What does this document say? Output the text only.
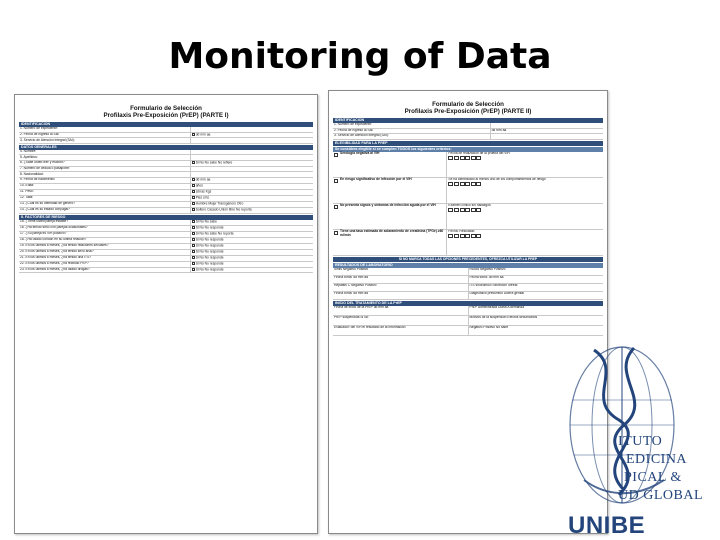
Monitoring of Data
Formulario de Selección
Profilaxis Pre-Exposición (PrEP) (PARTE I)
IDENTIFICACION
1. Número de expediente:
2. Fecha de ingreso al Sai:	dd mm aa
3. Servicio de Atención Integral (SAI):
DATOS GENERALES
4. Nombre:
5. Apellidos:
6. ¿Sabe usted leer y escribir?	Si No No sabe No refiere
7. Número de cédula o pasaporte:
8. Nacionalidad:
9. Fecha de nacimiento:	dd mm aa
10. Edad:	años
11. Peso:	Libras Kgs
12. Talla:	Pies cms
13. ¿Cuál es su identidad de género?	Hombre Mujer Transgénero Otro
14. ¿Cuál es su estado conyugal?	Soltero Casado Unión libre No reporta
II. FACTORES DE RIESGO
15. ¿Tiene usted pareja estable?	Si No No sabe
16. ¿Ha tenido sexo con parejas ocasionales?	Si No No responde
17. ¿Su pareja es VIH positivo?	Si No No sabe No reporta
18. ¿Ha usado condón en su última relación?	Si No No responde
19. En los últimos 6 meses, ¿ha tenido relaciones sexuales?	Si No No responde
20. En los últimos 6 meses, ¿ha tenido sexo anal?	Si No No responde
21. En los últimos 6 meses, ¿ha tenido una ITS?	Si No No responde
22. En los últimos 6 meses, ¿ha recibido PEP?	Si No No responde
23. En los últimos 6 meses, ¿ha usado drogas?	Si No No responde
Formulario de Selección
Profilaxis Pre-Exposición (PrEP) (PARTE II)
IDENTIFICACION
1. Número de expediente:
2. Fecha de ingreso al Sai:	dd mm aa
3. Servicio de Atención Integral (SAI):
ELEGIBILIDAD PARA LA PREP
Se considera elegible si se cumplen TODOS los siguientes criterios:
Serologia negativa al VIH	Fecha de realización de la prueba del VIH
En riesgo significativo de infección por el VIH	Se ha identificado al menos uno de los comportamientos de riesgo
No presenta signos y síntomas de infección aguda por el VIH	Examen clínico sin hallazgos
Tiene una tasa estimada de aclaramiento de creatinina (TFGe) ≥60 ml/min
Fecha: Resultado:
SI NO MARCA TODAS LAS OPCIONES PRECEDENTES, OFREZCA UTILIZAR LA PREP
RESULTADOS DE LABORATORIO
Sífilis Negativo Positivo	RDIAs Negativo Positivo
Fecha toma: dd mm aa	Fecha toma: dd mm aa
Hepatitis C Negativo Positivo	ITS sindrómico Secreción uretral
Fecha toma: dd mm aa	Diagnóstico presuntivo Úlcera genital
INICIO DEL TRATAMIENTO DE LA PrEP
Fecha de inicio de la PrEP dd mm aa	PrEP Administrada Diaria A demanda
PrEP suspendida Si No	Motivos de la suspensión Efectos secundarios
Evaluador: del VIH el resultado de la información	Negativo Positivo No sabe
ITUTO
EDICINA
PICAL &
UD GLOBAL
UNIBE
